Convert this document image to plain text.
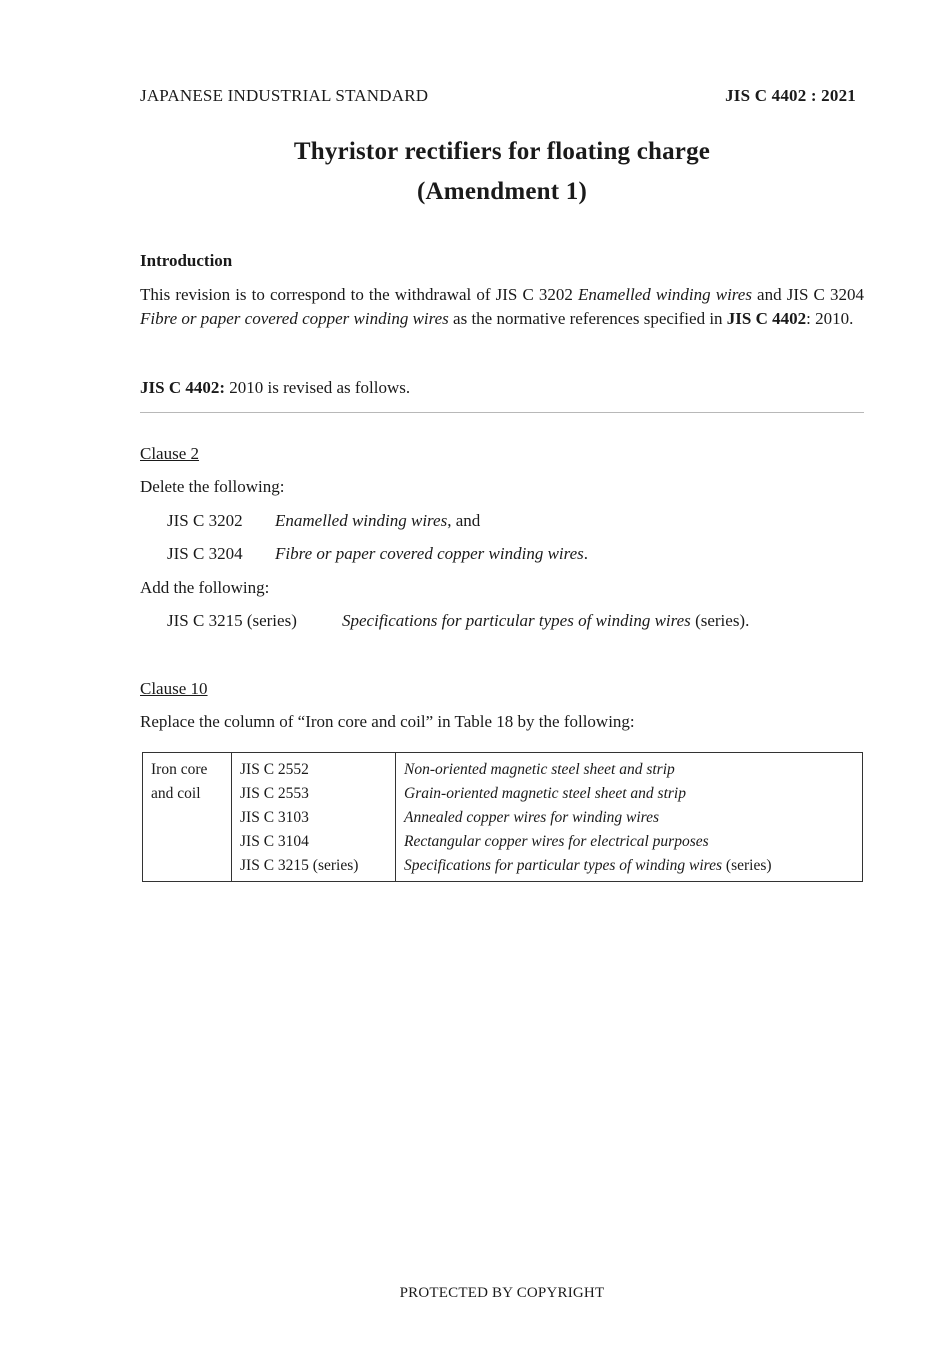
JAPANESE INDUSTRIAL STANDARD	JIS C 4402 : 2021
Thyristor rectifiers for floating charge
(Amendment 1)
Introduction
This revision is to correspond to the withdrawal of JIS C 3202 Enamelled winding wires and JIS C 3204 Fibre or paper covered copper winding wires as the normative references specified in JIS C 4402: 2010.
JIS C 4402: 2010 is revised as follows.
Clause 2
Delete the following:
JIS C 3202 Enamelled winding wires, and
JIS C 3204 Fibre or paper covered copper winding wires.
Add the following:
JIS C 3215 (series)	Specifications for particular types of winding wires (series).
Clause 10
Replace the column of “Iron core and coil” in Table 18 by the following:
Iron core
and coil

JIS C 2552
JIS C 2553
JIS C 3103
JIS C 3104
JIS C 3215 (series)

Non-oriented magnetic steel sheet and strip
Grain-oriented magnetic steel sheet and strip
Annealed copper wires for winding wires
Rectangular copper wires for electrical purposes
Specifications for particular types of winding wires (series)
PROTECTED BY COPYRIGHT
